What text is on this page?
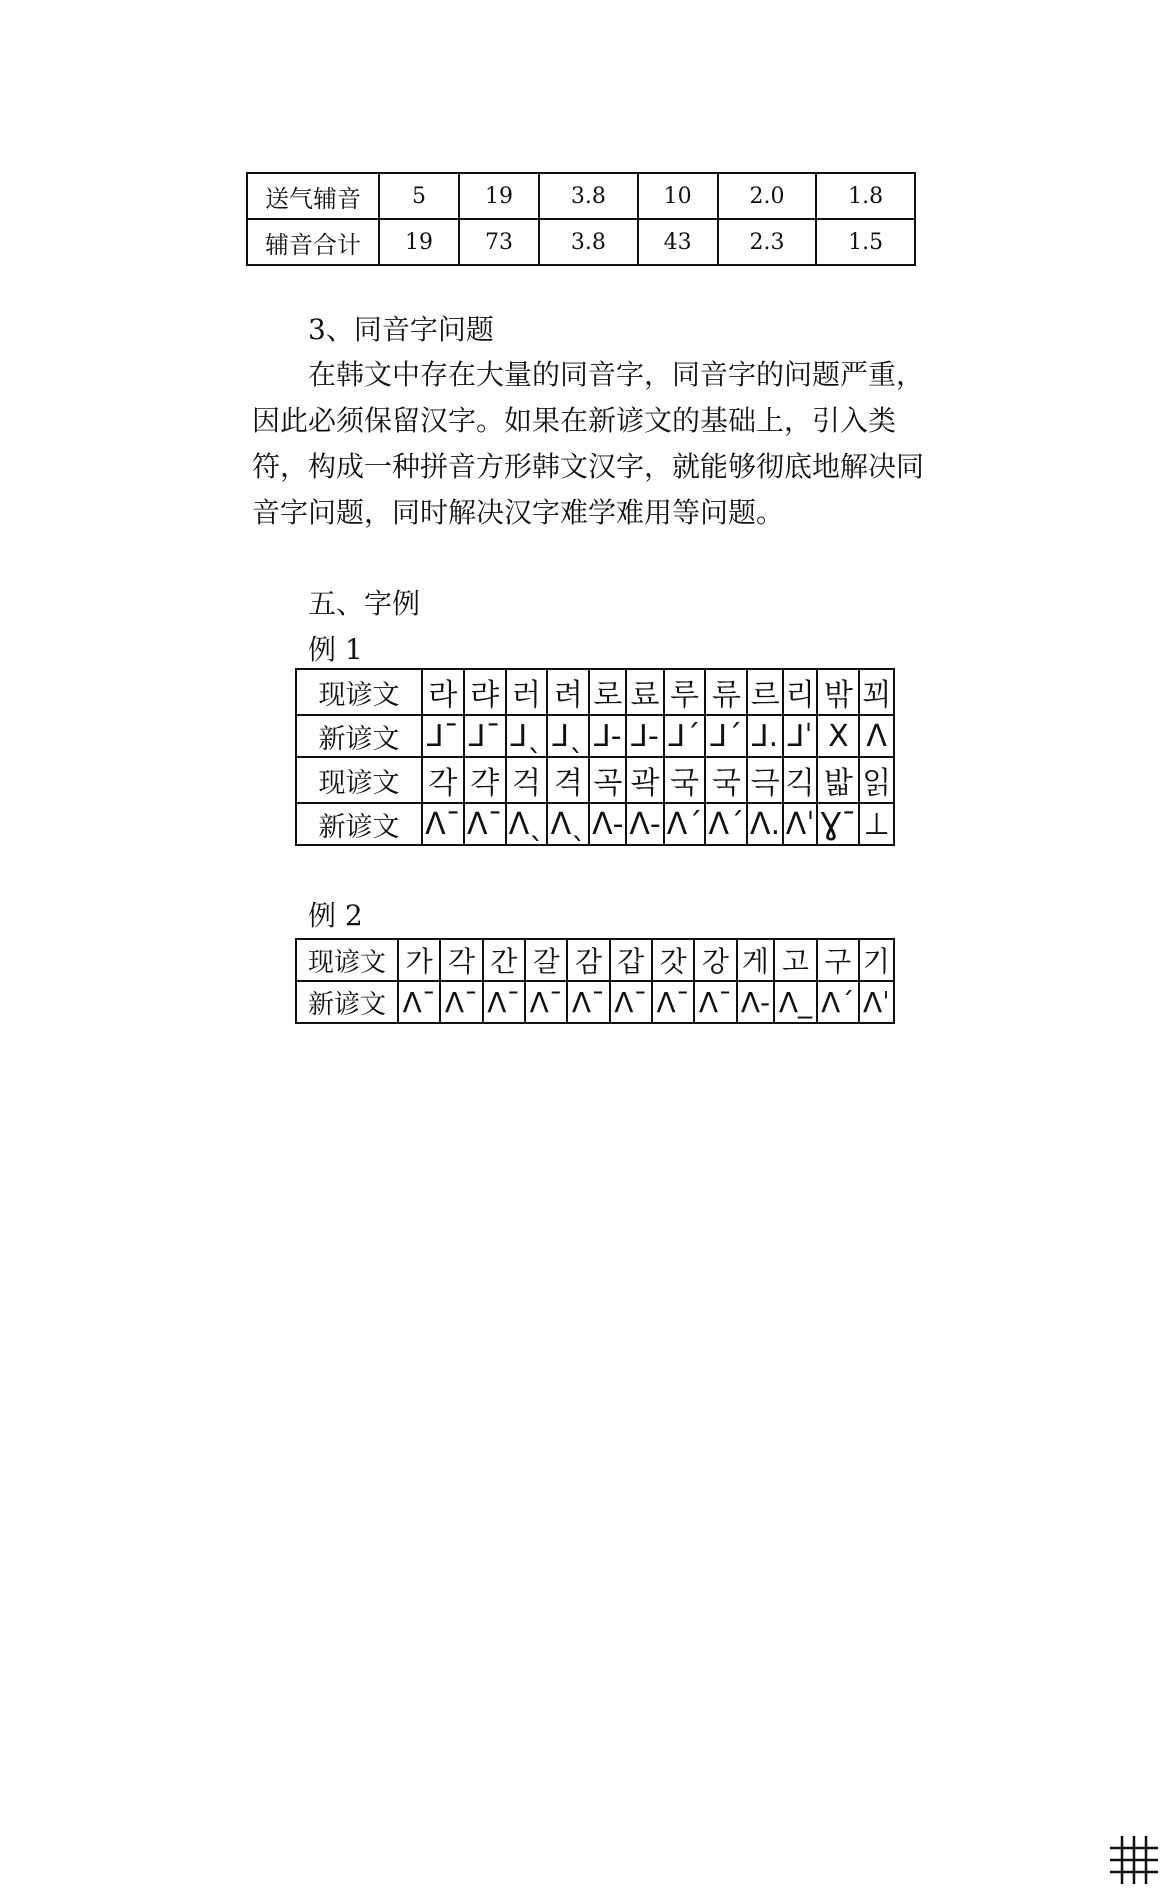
送气辅音	5	19	3.8	10	2.0	1.8
辅音合计	19	73	3.8	43	2.3	1.5
3、同音字问题
在韩文中存在大量的同音字，同音字的问题严重，因此必须保留汉字。如果在新谚文的基础上，引入类符，构成一种拼音方形韩文汉字，就能够彻底地解决同音字问题，同时解决汉字难学难用等问题。
五、字例
例 1
现谚文	라	랴	러	려	로	료	루	류	르	리	밖	꾀
新谚文	⅃ˉ	⅃ˉ	⅃ˎ	⅃ˎ	⅃-	⅃-	⅃ˊ	⅃ˊ	⅃.	⅃ˈ	Ⅹ	Ʌ
现谚文	각	갹	걱	격	곡	곽	국	국	극	긱	밟	읽
新谚文	Ʌˉ	Ʌˉ	Ʌˎ	Ʌˎ	Ʌ-	Ʌ-	Ʌˊ	Ʌˊ	Ʌ.	Ʌˈ	Ɣˉ	⊥
例 2
现谚文	가	각	간	갈	감	갑	갓	강	게	고	구	기
新谚文	Ʌˉ	Ʌˉ	Ʌˉ	Ʌˉ	Ʌˉ	Ʌˉ	Ʌˉ	Ʌˉ	Ʌ-	Ʌ_	Ʌˊ	Ʌˈ
